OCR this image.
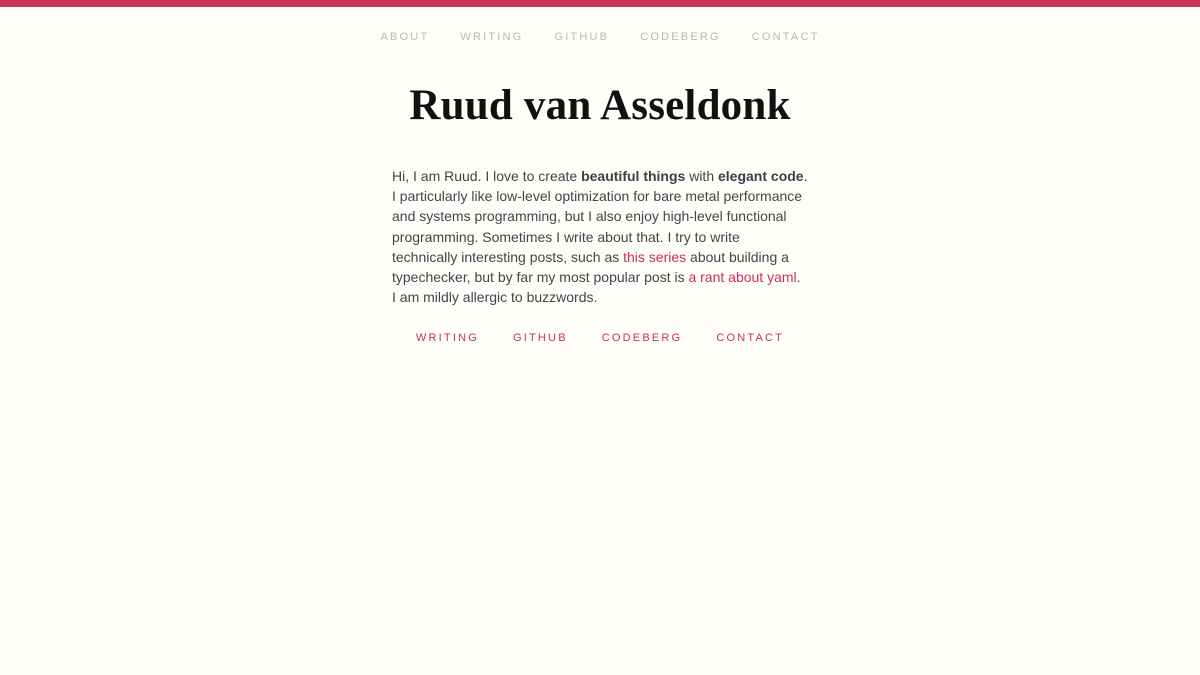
ABOUT	WRITING	GITHUB	CODEBERG	CONTACT
Ruud van Asseldonk

Hi, I am Ruud. I love to create beautiful things with elegant code. I particularly like low-level optimization for bare metal performance and systems programming, but I also enjoy high-level functional programming. Sometimes I write about that. I try to write technically interesting posts, such as this series about building a typechecker, but by far my most popular post is a rant about yaml. I am mildly allergic to buzzwords.

WRITING	GITHUB	CODEBERG	CONTACT
